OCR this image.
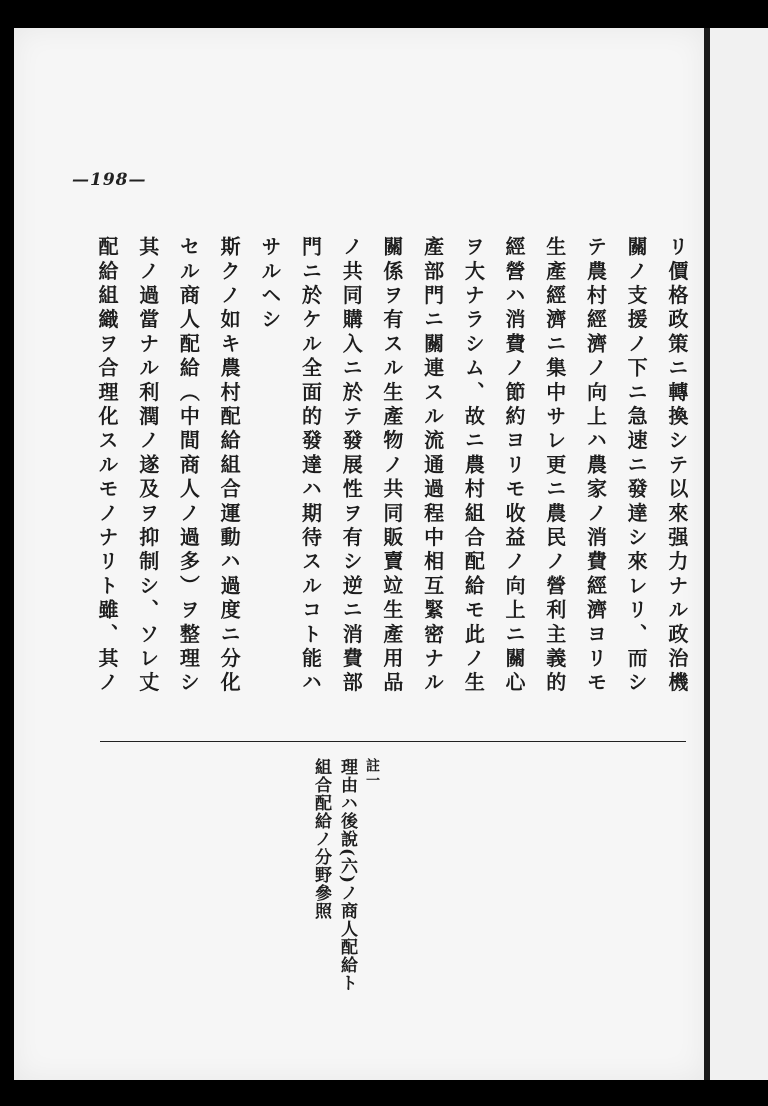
—198—
リ價格政策ニ轉換シテ以來强力ナル政治機
關ノ支援ノ下ニ急速ニ發達シ來レリ、而シ
テ農村經濟ノ向上ハ農家ノ消費經濟ヨリモ
生產經濟ニ集中サレ更ニ農民ノ營利主義的
經營ハ消費ノ節約ヨリモ收益ノ向上ニ關心
ヲ大ナラシム、故ニ農村組合配給モ此ノ生
產部門ニ關連スル流通過程中相互緊密ナル
關係ヲ有スル生產物ノ共同販賣竝生產用品
ノ共同購入ニ於テ發展性ヲ有シ逆ニ消費部
門ニ於ケル全面的發達ハ期待スルコト能ハ
サルヘシ
斯クノ如キ農村配給組合運動ハ過度ニ分化
セル商人配給（中間商人ノ過多）ヲ整理シ
其ノ過當ナル利潤ノ遂及ヲ抑制シ、ソレ丈
配給組織ヲ合理化スルモノナリト雖、其ノ
註一
理由ハ後說(六)ノ商人配給ト
組合配給ノ分野參照
